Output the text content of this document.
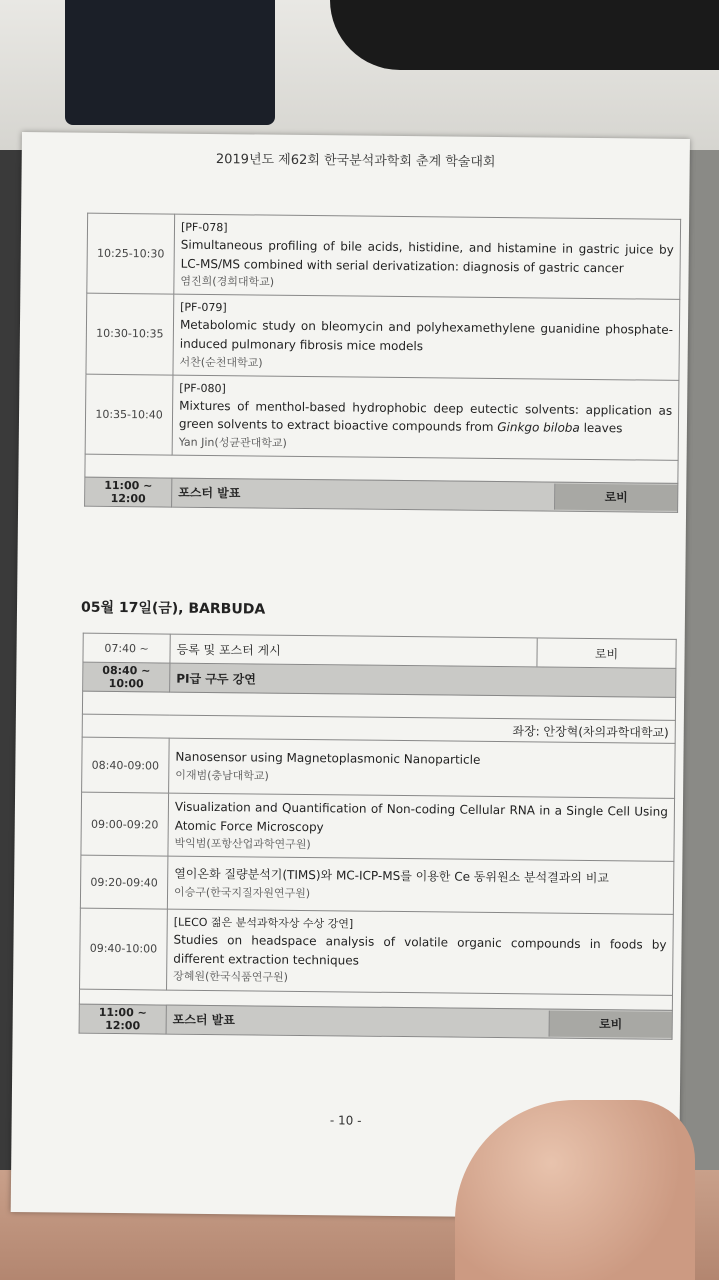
2019년도 제62회 한국분석과학회 춘계 학술대회
10:25-10:30	
[PF-078]
Simultaneous profiling of bile acids, histidine, and histamine in gastric juice by LC-MS/MS combined with serial derivatization: diagnosis of gastric cancer
염진희(경희대학교)

10:30-10:35	
[PF-079]
Metabolomic study on bleomycin and polyhexamethylene guanidine phosphate-induced pulmonary fibrosis mice models
서찬(순천대학교)

10:35-10:40	
[PF-080]
Mixtures of menthol-based hydrophobic deep eutectic solvents: application as green solvents to extract bioactive compounds from Ginkgo biloba leaves
Yan Jin(성균관대학교)

11:00 ~ 12:00		포스터 발표	로비
05월 17일(금), BARBUDA
07:40 ~	등록 및 포스터 게시	로비

08:40 ~ 10:00	PI급 구두 강연

좌장: 안장혁(차의과학대학교)
08:40-09:00	Nanosensor using Magnetoplasmonic Nanoparticle
이재범(충남대학교)

09:00-09:20	
Visualization and Quantification of Non-coding Cellular RNA in a Single Cell Using Atomic Force Microscopy
박익범(포항산업과학연구원)

09:20-09:40	열이온화 질량분석기(TIMS)와 MC-ICP-MS를 이용한 Ce 동위원소 분석결과의 비교
이승구(한국지질자원연구원)

09:40-10:00	
[LECO 젊은 분석과학자상 수상 강연]
Studies on headspace analysis of volatile organic compounds in foods by different extraction techniques
장혜원(한국식품연구원)

11:00 ~ 12:00		포스터 발표	로비
- 10 -
